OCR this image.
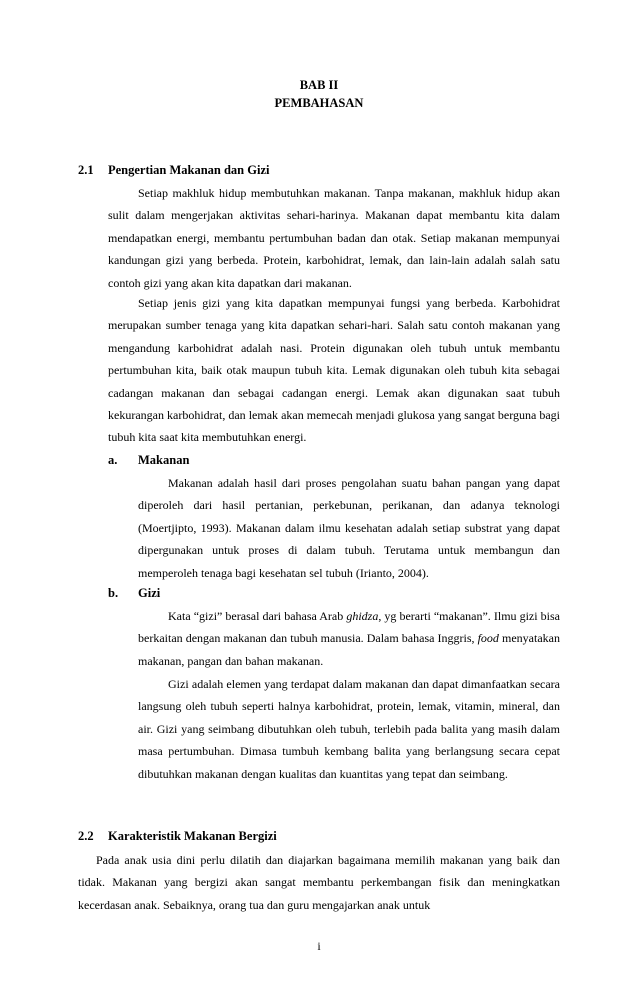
BAB II
PEMBAHASAN
2.1 Pengertian Makanan dan Gizi

Setiap makhluk hidup membutuhkan makanan. Tanpa makanan, makhluk hidup akan sulit dalam mengerjakan aktivitas sehari-harinya. Makanan dapat membantu kita dalam mendapatkan energi, membantu pertumbuhan badan dan otak. Setiap makanan mempunyai kandungan gizi yang berbeda. Protein, karbohidrat, lemak, dan lain-lain adalah salah satu contoh gizi yang akan kita dapatkan dari makanan.

Setiap jenis gizi yang kita dapatkan mempunyai fungsi yang berbeda. Karbohidrat merupakan sumber tenaga yang kita dapatkan sehari-hari. Salah satu contoh makanan yang mengandung karbohidrat adalah nasi. Protein digunakan oleh tubuh untuk membantu pertumbuhan kita, baik otak maupun tubuh kita. Lemak digunakan oleh tubuh kita sebagai cadangan makanan dan sebagai cadangan energi. Lemak akan digunakan saat tubuh kekurangan karbohidrat, dan lemak akan memecah menjadi glukosa yang sangat berguna bagi tubuh kita saat kita membutuhkan energi.

a. Makanan

Makanan adalah hasil dari proses pengolahan suatu bahan pangan yang dapat diperoleh dari hasil pertanian, perkebunan, perikanan, dan adanya teknologi (Moertjipto, 1993). Makanan dalam ilmu kesehatan adalah setiap substrat yang dapat dipergunakan untuk proses di dalam tubuh. Terutama untuk membangun dan memperoleh tenaga bagi kesehatan sel tubuh (Irianto, 2004).

b. Gizi

Kata “gizi” berasal dari bahasa Arab ghidza, yg berarti “makanan”. Ilmu gizi bisa berkaitan dengan makanan dan tubuh manusia. Dalam bahasa Inggris, food menyatakan makanan, pangan dan bahan makanan.

Gizi adalah elemen yang terdapat dalam makanan dan dapat dimanfaatkan secara langsung oleh tubuh seperti halnya karbohidrat, protein, lemak, vitamin, mineral, dan air. Gizi yang seimbang dibutuhkan oleh tubuh, terlebih pada balita yang masih dalam masa pertumbuhan. Dimasa tumbuh kembang balita yang berlangsung secara cepat dibutuhkan makanan dengan kualitas dan kuantitas yang tepat dan seimbang.

2.2 Karakteristik Makanan Bergizi

Pada anak usia dini perlu dilatih dan diajarkan bagaimana memilih makanan yang baik dan tidak. Makanan yang bergizi akan sangat membantu perkembangan fisik dan meningkatkan kecerdasan anak. Sebaiknya, orang tua dan guru mengajarkan anak untuk

i
